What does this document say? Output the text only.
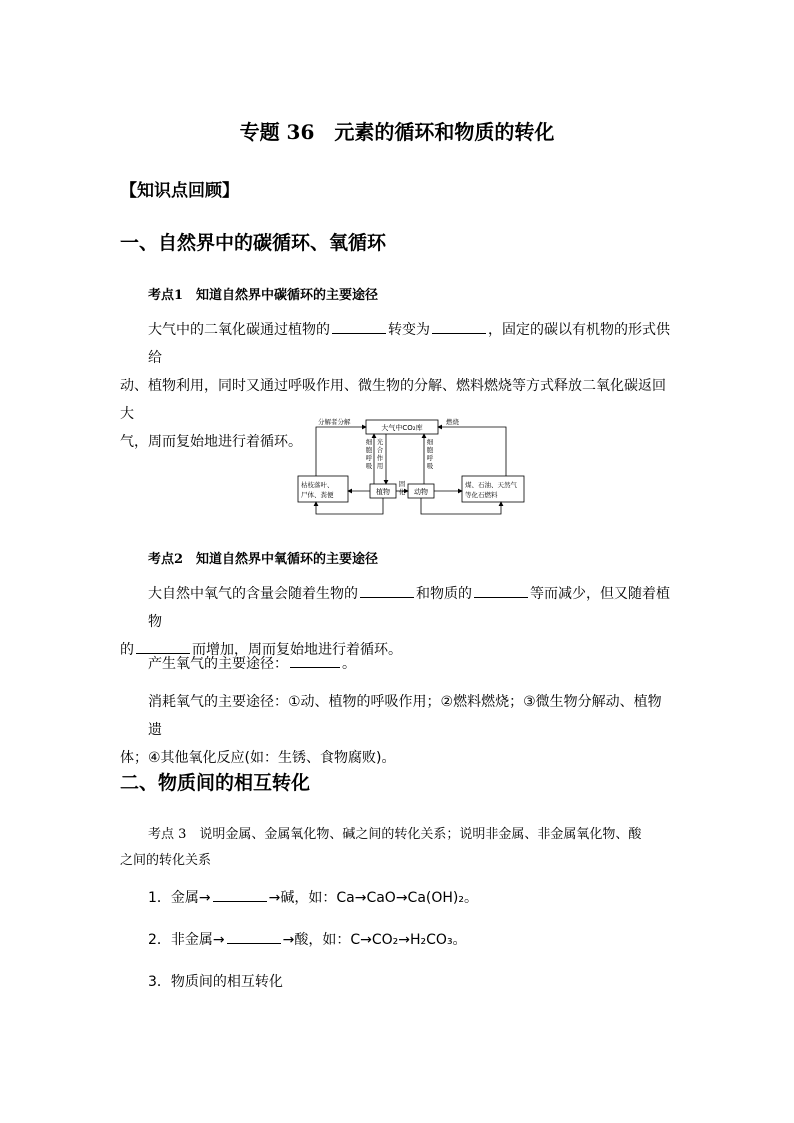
专题 36　元素的循环和物质的转化
【知识点回顾】
一、自然界中的碳循环、氧循环
考点1　知道自然界中碳循环的主要途径
大气中的二氧化碳通过植物的	转变为	，固定的碳以有机物的形式供给
动、植物利用，同时又通过呼吸作用、微生物的分解、燃料燃烧等方式释放二氧化碳返回大
气，周而复始地进行着循环。
大气中CO₂库
分解者分解	燃烧
细
胞
呼
吸
光
合
作
用
细
胞
呼
吸
固
化
枯枝落叶、
尸体、粪便	植物	动物
煤、石油、天然气
等化石燃料
考点2　知道自然界中氧循环的主要途径
大自然中氧气的含量会随着生物的	和物质的	等而减少，但又随着植物
的	而增加，周而复始地进行着循环。
产生氧气的主要途径：	。
消耗氧气的主要途径：①动、植物的呼吸作用；②燃料燃烧；③微生物分解动、植物遗
体；④其他氧化反应(如：生锈、食物腐败)。
二、物质间的相互转化
考点 3　说明金属、金属氧化物、碱之间的转化关系；说明非金属、非金属氧化物、酸
之间的转化关系
1．金属→	→碱，如：Ca→CaO→Ca(OH)₂。
2．非金属→	→酸，如：C→CO₂→H₂CO₃。
3．物质间的相互转化
